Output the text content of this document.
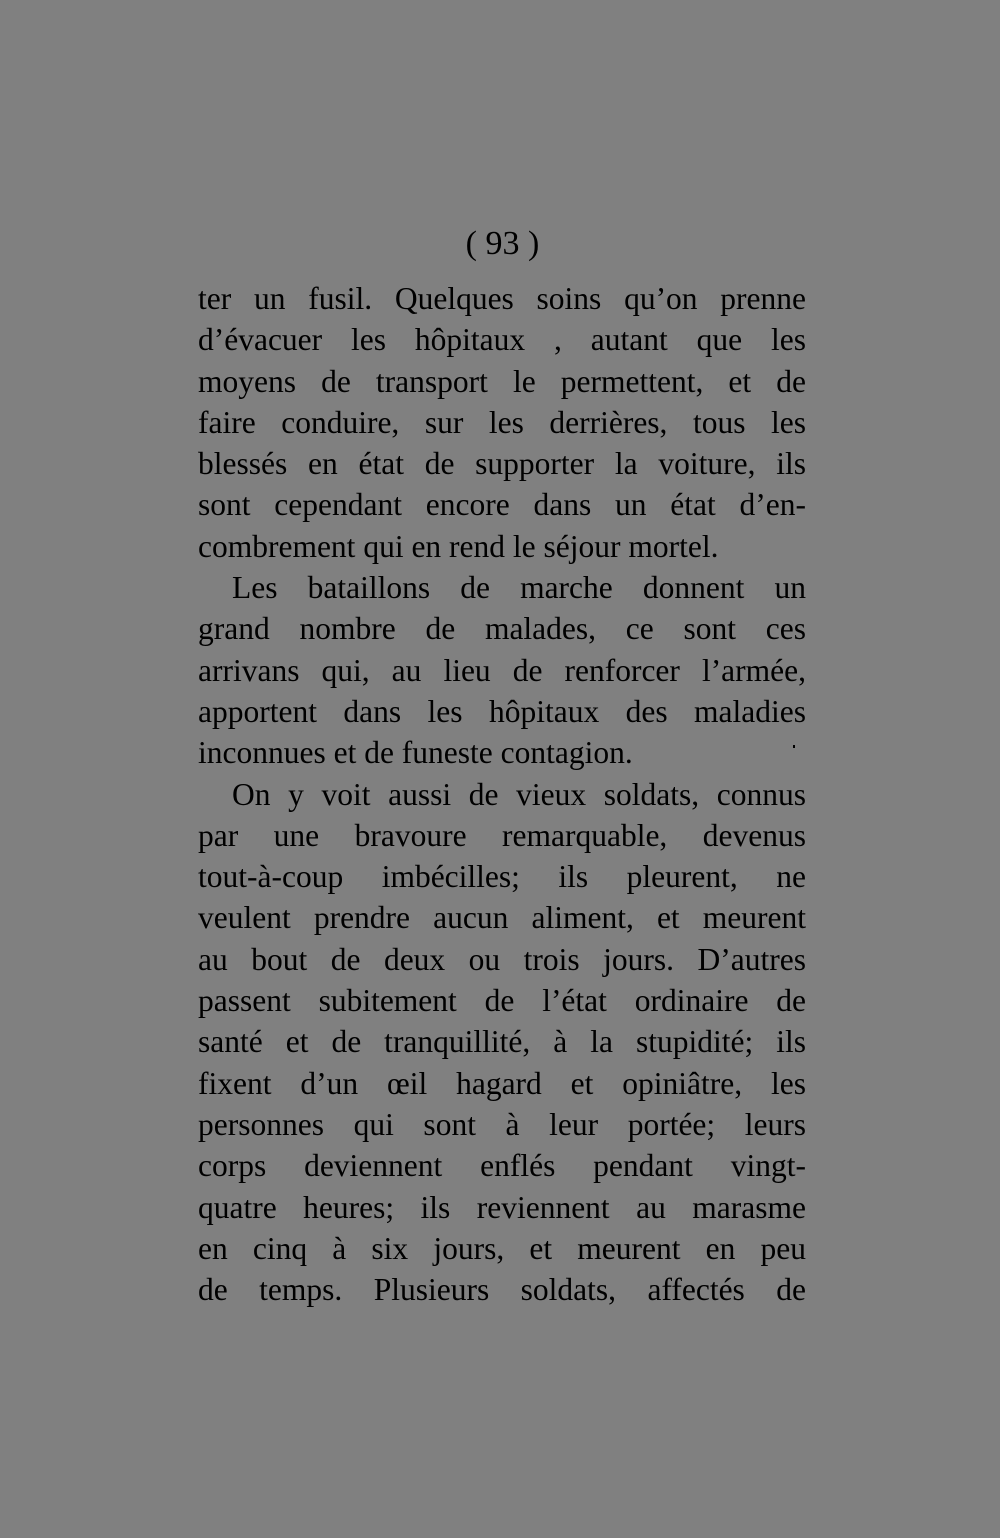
( 93 )
ter un fusil. Quelques soins qu’on prenne
d’évacuer les hôpitaux , autant que les
moyens de transport le permettent, et de
faire conduire, sur les derrières, tous les
blessés en état de supporter la voiture, ils
sont cependant encore dans un état d’en-
combrement qui en rend le séjour mortel.
Les bataillons de marche donnent un
grand nombre de malades, ce sont ces
arrivans qui, au lieu de renforcer l’armée,
apportent dans les hôpitaux des maladies
inconnues et de funeste contagion.
On y voit aussi de vieux soldats, connus
par une bravoure remarquable, devenus
tout-à-coup imbécilles; ils pleurent, ne
veulent prendre aucun aliment, et meurent
au bout de deux ou trois jours. D’autres
passent subitement de l’état ordinaire de
santé et de tranquillité, à la stupidité; ils
fixent d’un œil hagard et opiniâtre, les
personnes qui sont à leur portée; leurs
corps deviennent enflés pendant vingt-
quatre heures; ils reviennent au marasme
en cinq à six jours, et meurent en peu
de temps. Plusieurs soldats, affectés de
